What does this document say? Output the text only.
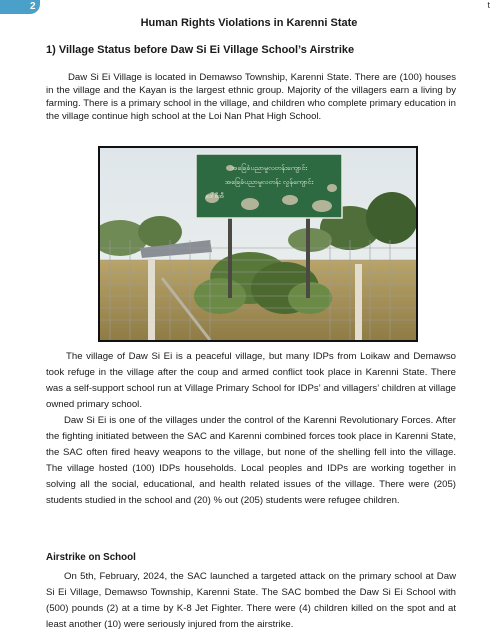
2	t
Human Rights Violations in Karenni State
1) Village Status before Daw Si Ei Village School’s Airstrike

Daw Si Ei Village is located in Demawso Township, Karenni State. There are (100) houses in the village and the Kayan is the largest ethnic group. Majority of the villagers earn a living by farming. There is a primary school in the village, and children who complete primary education in the village continue high school at the Loi Nan Phat High School.

အခြေခံပညာမူလတန်းကျောင်း
အခြေခံပညာမူလတန်း လွန်ကျောင်း
ဒေါ်စီအီ

The village of Daw Si Ei is a peaceful village, but many IDPs from Loikaw and Demawso took refuge in the village after the coup and armed conflict took place in Karenni State. There was a self-support school run at Village Primary School for IDPs’ and villagers’ children at village owned primary school.

Daw Si Ei is one of the villages under the control of the Karenni Revolutionary Forces. After the fighting initiated between the SAC and Karenni combined forces took place in Karenni State, the SAC often fired heavy weapons to the village, but none of the shelling fell into the village. The village hosted (100) IDPs households. Local peoples and IDPs are working together in solving all the social, educational, and health related issues of the village. There were (205) students studied in the school and (20) % out (205) students were refugee children.

Airstrike on School

On 5th, February, 2024, the SAC launched a targeted attack on the primary school at Daw Si Ei Village, Demawso Township, Karenni State. The SAC bombed the Daw Si Ei School with (500) pounds (2) at a time by K-8 Jet Fighter. There were (4) children killed on the spot and at least another (10) were seriously injured from the airstrike.
